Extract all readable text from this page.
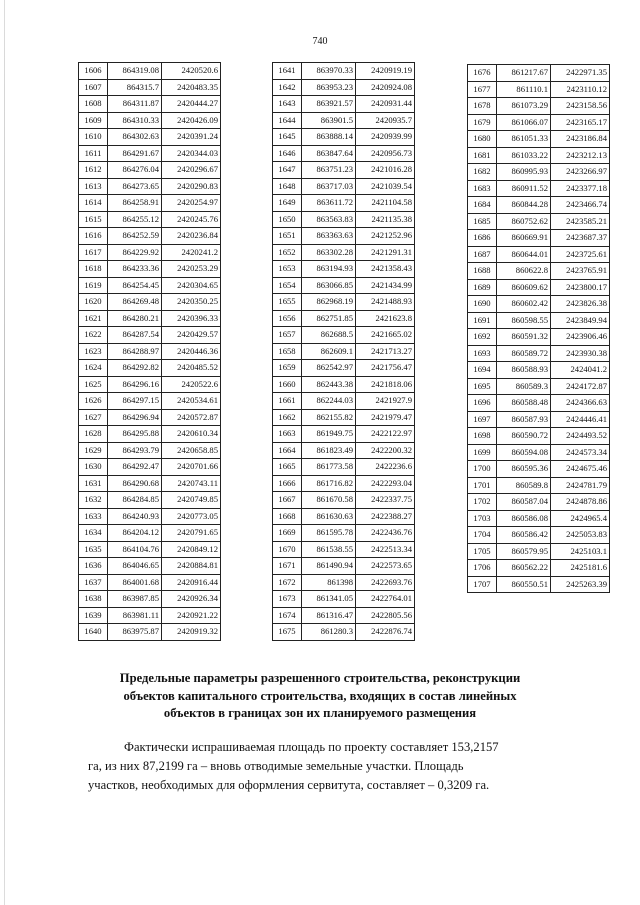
740
1606	864319.08	2420520.6
1607	864315.7	2420483.35
1608	864311.87	2420444.27
1609	864310.33	2420426.09
1610	864302.63	2420391.24
1611	864291.67	2420344.03
1612	864276.04	2420296.67
1613	864273.65	2420290.83
1614	864258.91	2420254.97
1615	864255.12	2420245.76
1616	864252.59	2420236.84
1617	864229.92	2420241.2
1618	864233.36	2420253.29
1619	864254.45	2420304.65
1620	864269.48	2420350.25
1621	864280.21	2420396.33
1622	864287.54	2420429.57
1623	864288.97	2420446.36
1624	864292.82	2420485.52
1625	864296.16	2420522.6
1626	864297.15	2420534.61
1627	864296.94	2420572.87
1628	864295.88	2420610.34
1629	864293.79	2420658.85
1630	864292.47	2420701.66
1631	864290.68	2420743.11
1632	864284.85	2420749.85
1633	864240.93	2420773.05
1634	864204.12	2420791.65
1635	864104.76	2420849.12
1636	864046.65	2420884.81
1637	864001.68	2420916.44
1638	863987.85	2420926.34
1639	863981.11	2420921.22
1640	863975.87	2420919.32
1641	863970.33	2420919.19
1642	863953.23	2420924.08
1643	863921.57	2420931.44
1644	863901.5	2420935.7
1645	863888.14	2420939.99
1646	863847.64	2420956.73
1647	863751.23	2421016.28
1648	863717.03	2421039.54
1649	863611.72	2421104.58
1650	863563.83	2421135.38
1651	863363.63	2421252.96
1652	863302.28	2421291.31
1653	863194.93	2421358.43
1654	863066.85	2421434.99
1655	862968.19	2421488.93
1656	862751.85	2421623.8
1657	862688.5	2421665.02
1658	862609.1	2421713.27
1659	862542.97	2421756.47
1660	862443.38	2421818.06
1661	862244.03	2421927.9
1662	862155.82	2421979.47
1663	861949.75	2422122.97
1664	861823.49	2422200.32
1665	861773.58	2422236.6
1666	861716.82	2422293.04
1667	861670.58	2422337.75
1668	861630.63	2422388.27
1669	861595.78	2422436.76
1670	861538.55	2422513.34
1671	861490.94	2422573.65
1672	861398	2422693.76
1673	861341.05	2422764.01
1674	861316.47	2422805.56
1675	861280.3	2422876.74
1676	861217.67	2422971.35
1677	861110.1	2423110.12
1678	861073.29	2423158.56
1679	861066.07	2423165.17
1680	861051.33	2423186.84
1681	861033.22	2423212.13
1682	860995.93	2423266.97
1683	860911.52	2423377.18
1684	860844.28	2423466.74
1685	860752.62	2423585.21
1686	860669.91	2423687.37
1687	860644.01	2423725.61
1688	860622.8	2423765.91
1689	860609.62	2423800.17
1690	860602.42	2423826.38
1691	860598.55	2423849.94
1692	860591.32	2423906.46
1693	860589.72	2423930.38
1694	860588.93	2424041.2
1695	860589.3	2424172.87
1696	860588.48	2424366.63
1697	860587.93	2424446.41
1698	860590.72	2424493.52
1699	860594.08	2424573.34
1700	860595.36	2424675.46
1701	860589.8	2424781.79
1702	860587.04	2424878.86
1703	860586.08	2424965.4
1704	860586.42	2425053.83
1705	860579.95	2425103.1
1706	860562.22	2425181.6
1707	860550.51	2425263.39
Предельные параметры разрешенного строительства, реконструкции
объектов капитального строительства, входящих в состав линейных
объектов в границах зон их планируемого размещения

Фактически испрашиваемая площадь по проекту составляет 153,2157
га, из них 87,2199 га – вновь отводимые земельные участки. Площадь
участков, необходимых для оформления сервитута, составляет – 0,3209 га.
